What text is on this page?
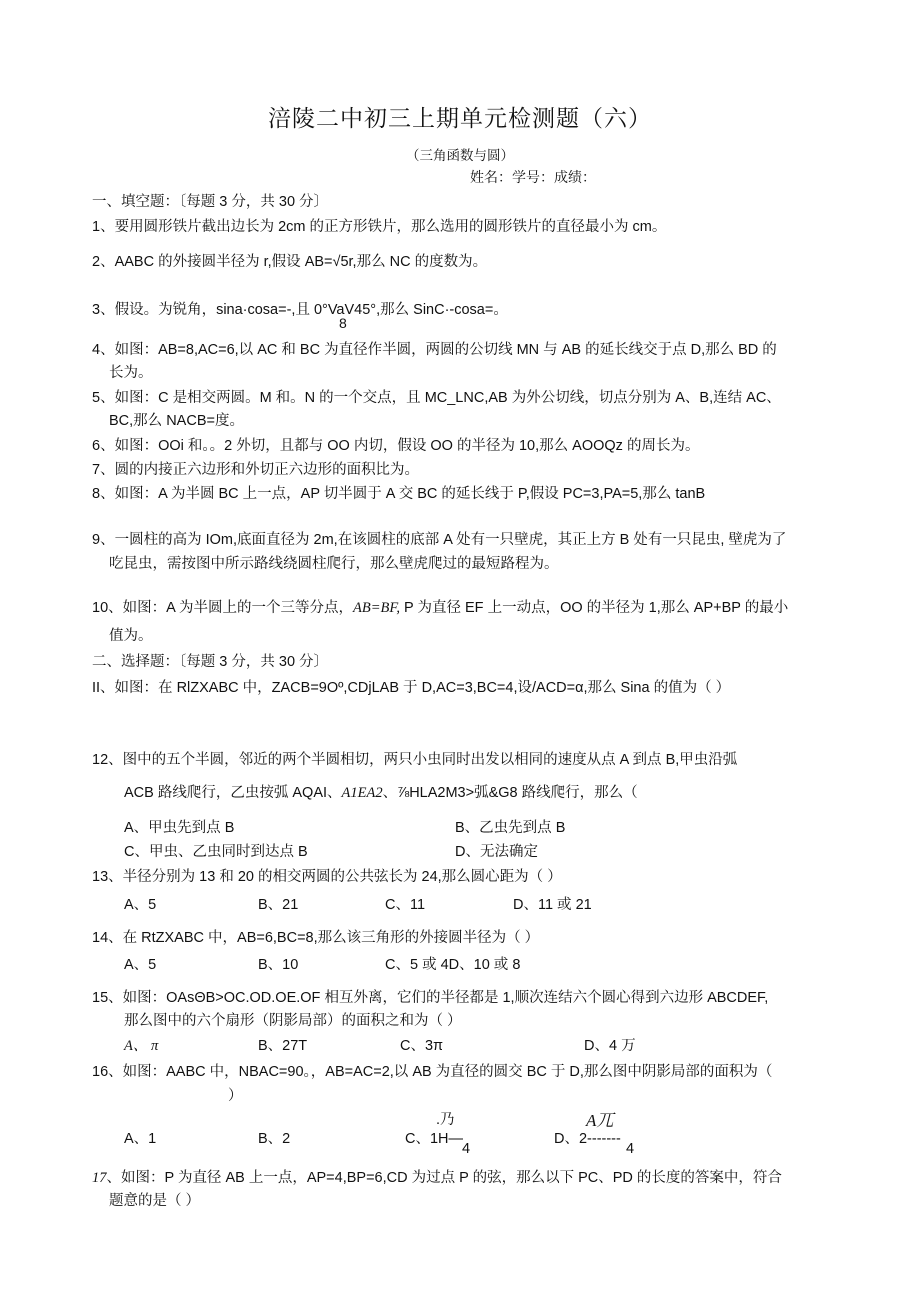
涪陵二中初三上期单元检测题（六）
（三角函数与圆）
姓名：学号：成绩：
一、填空题：〔每题 3 分，共 30 分〕
1、要用圆形铁片截出边长为 2cm 的正方形铁片，那么选用的圆形铁片的直径最小为 cm。
2、AABC 的外接圆半径为 r,假设 AB=√5r,那么 NC 的度数为。
3、假设。为锐角，sina·cosa=-,且 0°VaV45°,那么 SinC·-cosa=。
8
4、如图：AB=8,AC=6,以 AC 和 BC 为直径作半圆，两圆的公切线 MN 与 AB 的延长线交于点 D,那么 BD 的
长为。
5、如图：C 是相交两圆。M 和。N 的一个交点，且 MC_LNC,AB 为外公切线，切点分别为 A、B,连结 AC、
BC,那么 NACB=度。
6、如图：OOi 和。。2 外切，且都与 OO 内切，假设 OO 的半径为 10,那么 AOOQz 的周长为。
7、圆的内接正六边形和外切正六边形的面积比为。
8、如图：A 为半圆 BC 上一点，AP 切半圆于 A 交 BC 的延长线于 P,假设 PC=3,PA=5,那么 tanB
9、一圆柱的高为 IOm,底面直径为 2m,在该圆柱的底部 A 处有一只壁虎，其正上方 B 处有一只昆虫, 壁虎为了
吃昆虫，需按图中所示路线绕圆柱爬行，那么壁虎爬过的最短路程为。
10、如图：A 为半圆上的一个三等分点，AB=BF, P 为直径 EF 上一动点，OO 的半径为 1,那么 AP+BP 的最小
值为。
二、选择题：〔每题 3 分，共 30 分〕
II、如图：在 RlZXABC 中，ZACB=9Oº,CDjLAB 于 D,AC=3,BC=4,设/ACD=α,那么 Sina 的值为（ ）
12、图中的五个半圆，邻近的两个半圆相切，两只小虫同时出发以相同的速度从点 A 到点 B,甲虫沿弧
ACB 路线爬行，乙虫按弧 AQAI、A1EA2、⅞HLA2M3>弧&G8 路线爬行，那么（
A、甲虫先到点 B	B、乙虫先到点 B
C、甲虫、乙虫同时到达点 B	D、无法确定
13、半径分别为 13 和 20 的相交两圆的公共弦长为 24,那么圆心距为（ ）
A、5	B、21	C、11	D、11 或 21
14、在 RtZXABC 中，AB=6,BC=8,那么该三角形的外接圆半径为（ ）
A、5	B、10	C、5 或 4D、10 或 8
15、如图：OAsΘB>OC.OD.OE.OF 相互外离，它们的半径都是 1,顺次连结六个圆心得到六边形 ABCDEF,
那么图中的六个扇形（阴影局部）的面积之和为（ ）
A、 π	B、27T	C、3π	D、4 万
16、如图：AABC 中，NBAC=90。，AB=AC=2,以 AB 为直径的圆交 BC 于 D,那么图中阴影局部的面积为（
）
A、1	B、2
.乃
C、1H—
4
A兀
D、2-------
4
17、如图：P 为直径 AB 上一点，AP=4,BP=6,CD 为过点 P 的弦，那么以下 PC、PD 的长度的答案中，符合
题意的是（ ）
